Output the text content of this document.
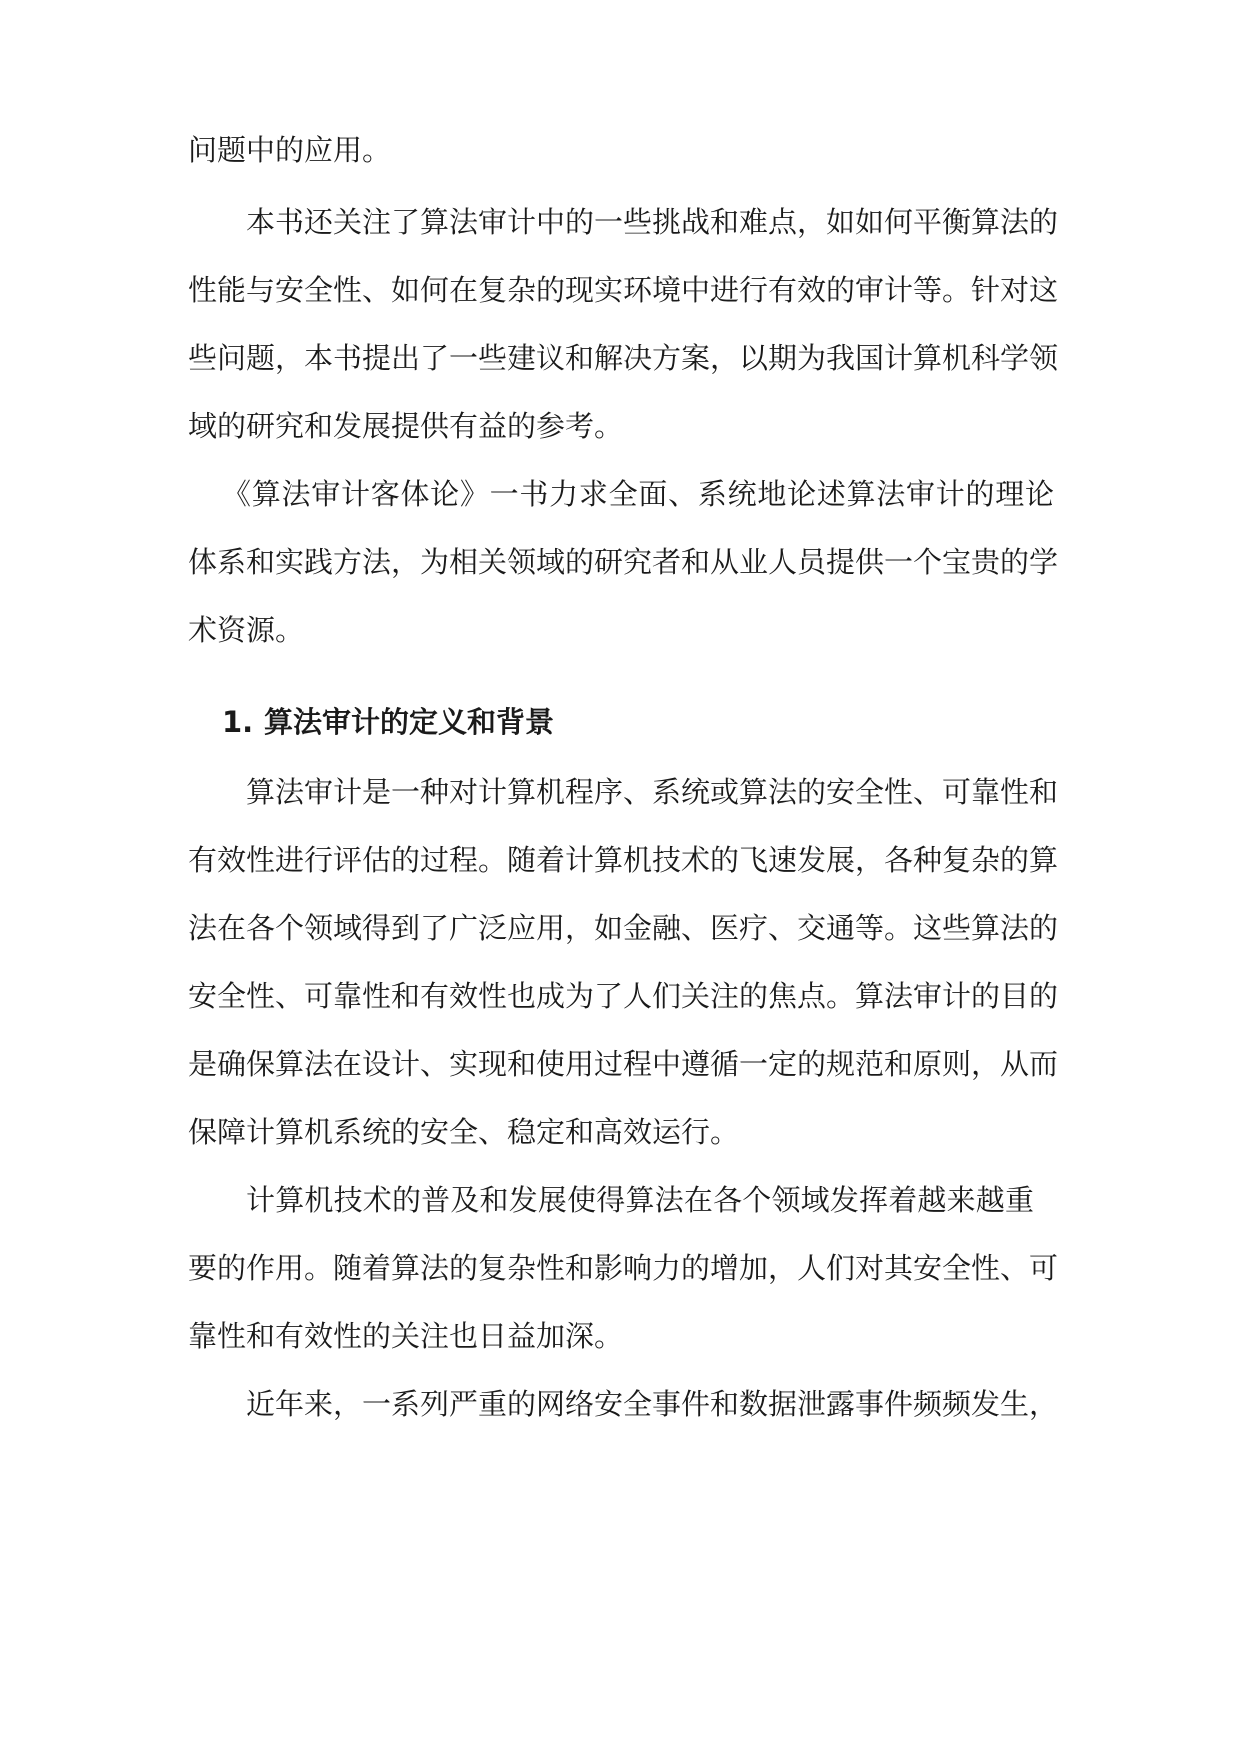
问题中的应用。
本书还关注了算法审计中的一些挑战和难点，如如何平衡算法的
性能与安全性、如何在复杂的现实环境中进行有效的审计等。针对这
些问题，本书提出了一些建议和解决方案，以期为我国计算机科学领
域的研究和发展提供有益的参考。
《算法审计客体论》一书力求全面、系统地论述算法审计的理论
体系和实践方法，为相关领域的研究者和从业人员提供一个宝贵的学
术资源。
1. 算法审计的定义和背景
算法审计是一种对计算机程序、系统或算法的安全性、可靠性和
有效性进行评估的过程。随着计算机技术的飞速发展，各种复杂的算
法在各个领域得到了广泛应用，如金融、医疗、交通等。这些算法的
安全性、可靠性和有效性也成为了人们关注的焦点。算法审计的目的
是确保算法在设计、实现和使用过程中遵循一定的规范和原则，从而
保障计算机系统的安全、稳定和高效运行。
计算机技术的普及和发展使得算法在各个领域发挥着越来越重
要的作用。随着算法的复杂性和影响力的增加，人们对其安全性、可
靠性和有效性的关注也日益加深。
近年来，一系列严重的网络安全事件和数据泄露事件频频发生，
